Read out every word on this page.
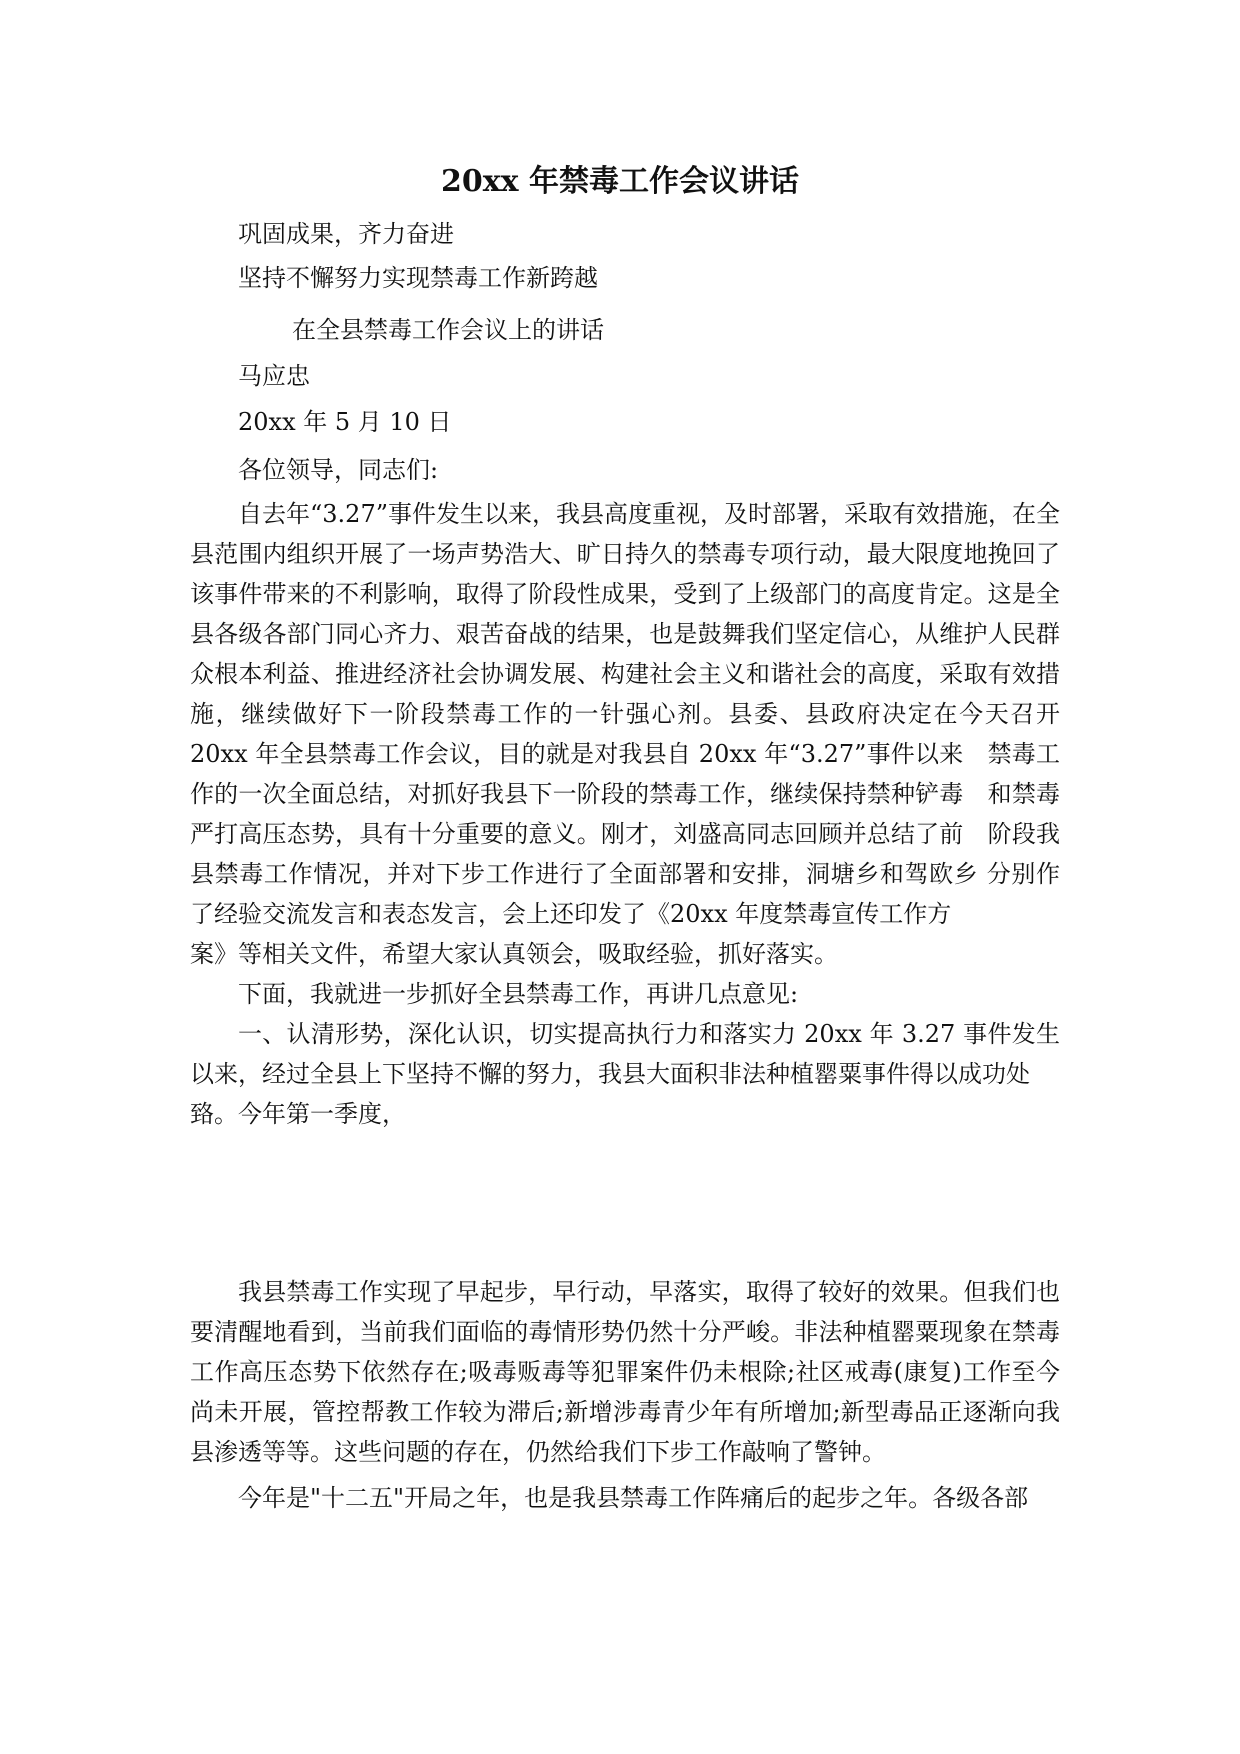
20xx 年禁毒工作会议讲话
巩固成果，齐力奋进
坚持不懈努力实现禁毒工作新跨越
在全县禁毒工作会议上的讲话
马应忠
20xx 年 5 月 10 日
各位领导，同志们:

自去年“3.27”事件发生以来，我县高度重视，及时部署，采取有效措施，在全县范围内组织开展了一场声势浩大、旷日持久的禁毒专项行动，最大限度地挽回了该事件带来的不利影响，取得了阶段性成果，受到了上级部门的高度肯定。这是全县各级各部门同心齐力、艰苦奋战的结果，也是鼓舞我们坚定信心，从维护人民群众根本利益、推进经济社会协调发展、构建社会主义和谐社会的高度，采取有效措施，继续做好下一阶段禁毒工作的一针强心剂。县委、县政府决定在今天召开 20xx 年全县禁毒工作会议，目的就是对我县自 20xx 年“3.27”事件以来　禁毒工作的一次全面总结，对抓好我县下一阶段的禁毒工作，继续保持禁种铲毒　和禁毒严打高压态势，具有十分重要的意义。刚才，刘盛高同志回顾并总结了前　阶段我县禁毒工作情况，并对下步工作进行了全面部署和安排，洞塘乡和驾欧乡 分别作了经验交流发言和表态发言，会上还印发了《20xx 年度禁毒宣传工作方

案》等相关文件，希望大家认真领会，吸取经验，抓好落实。

下面，我就进一步抓好全县禁毒工作，再讲几点意见:

一、认清形势，深化认识，切实提高执行力和落实力 20xx 年 3.27 事件发生 以来，经过全县上下坚持不懈的努力，我县大面积非法种植罂粟事件得以成功处

臵。今年第一季度，

我县禁毒工作实现了早起步，早行动，早落实，取得了较好的效果。但我们也要清醒地看到，当前我们面临的毒情形势仍然十分严峻。非法种植罂粟现象在禁毒工作高压态势下依然存在;吸毒贩毒等犯罪案件仍未根除;社区戒毒(康复)工作至今尚未开展，管控帮教工作较为滞后;新增涉毒青少年有所增加;新型毒品正逐渐向我县渗透等等。这些问题的存在，仍然给我们下步工作敲响了警钟。

今年是"十二五"开局之年，也是我县禁毒工作阵痛后的起步之年。各级各部
